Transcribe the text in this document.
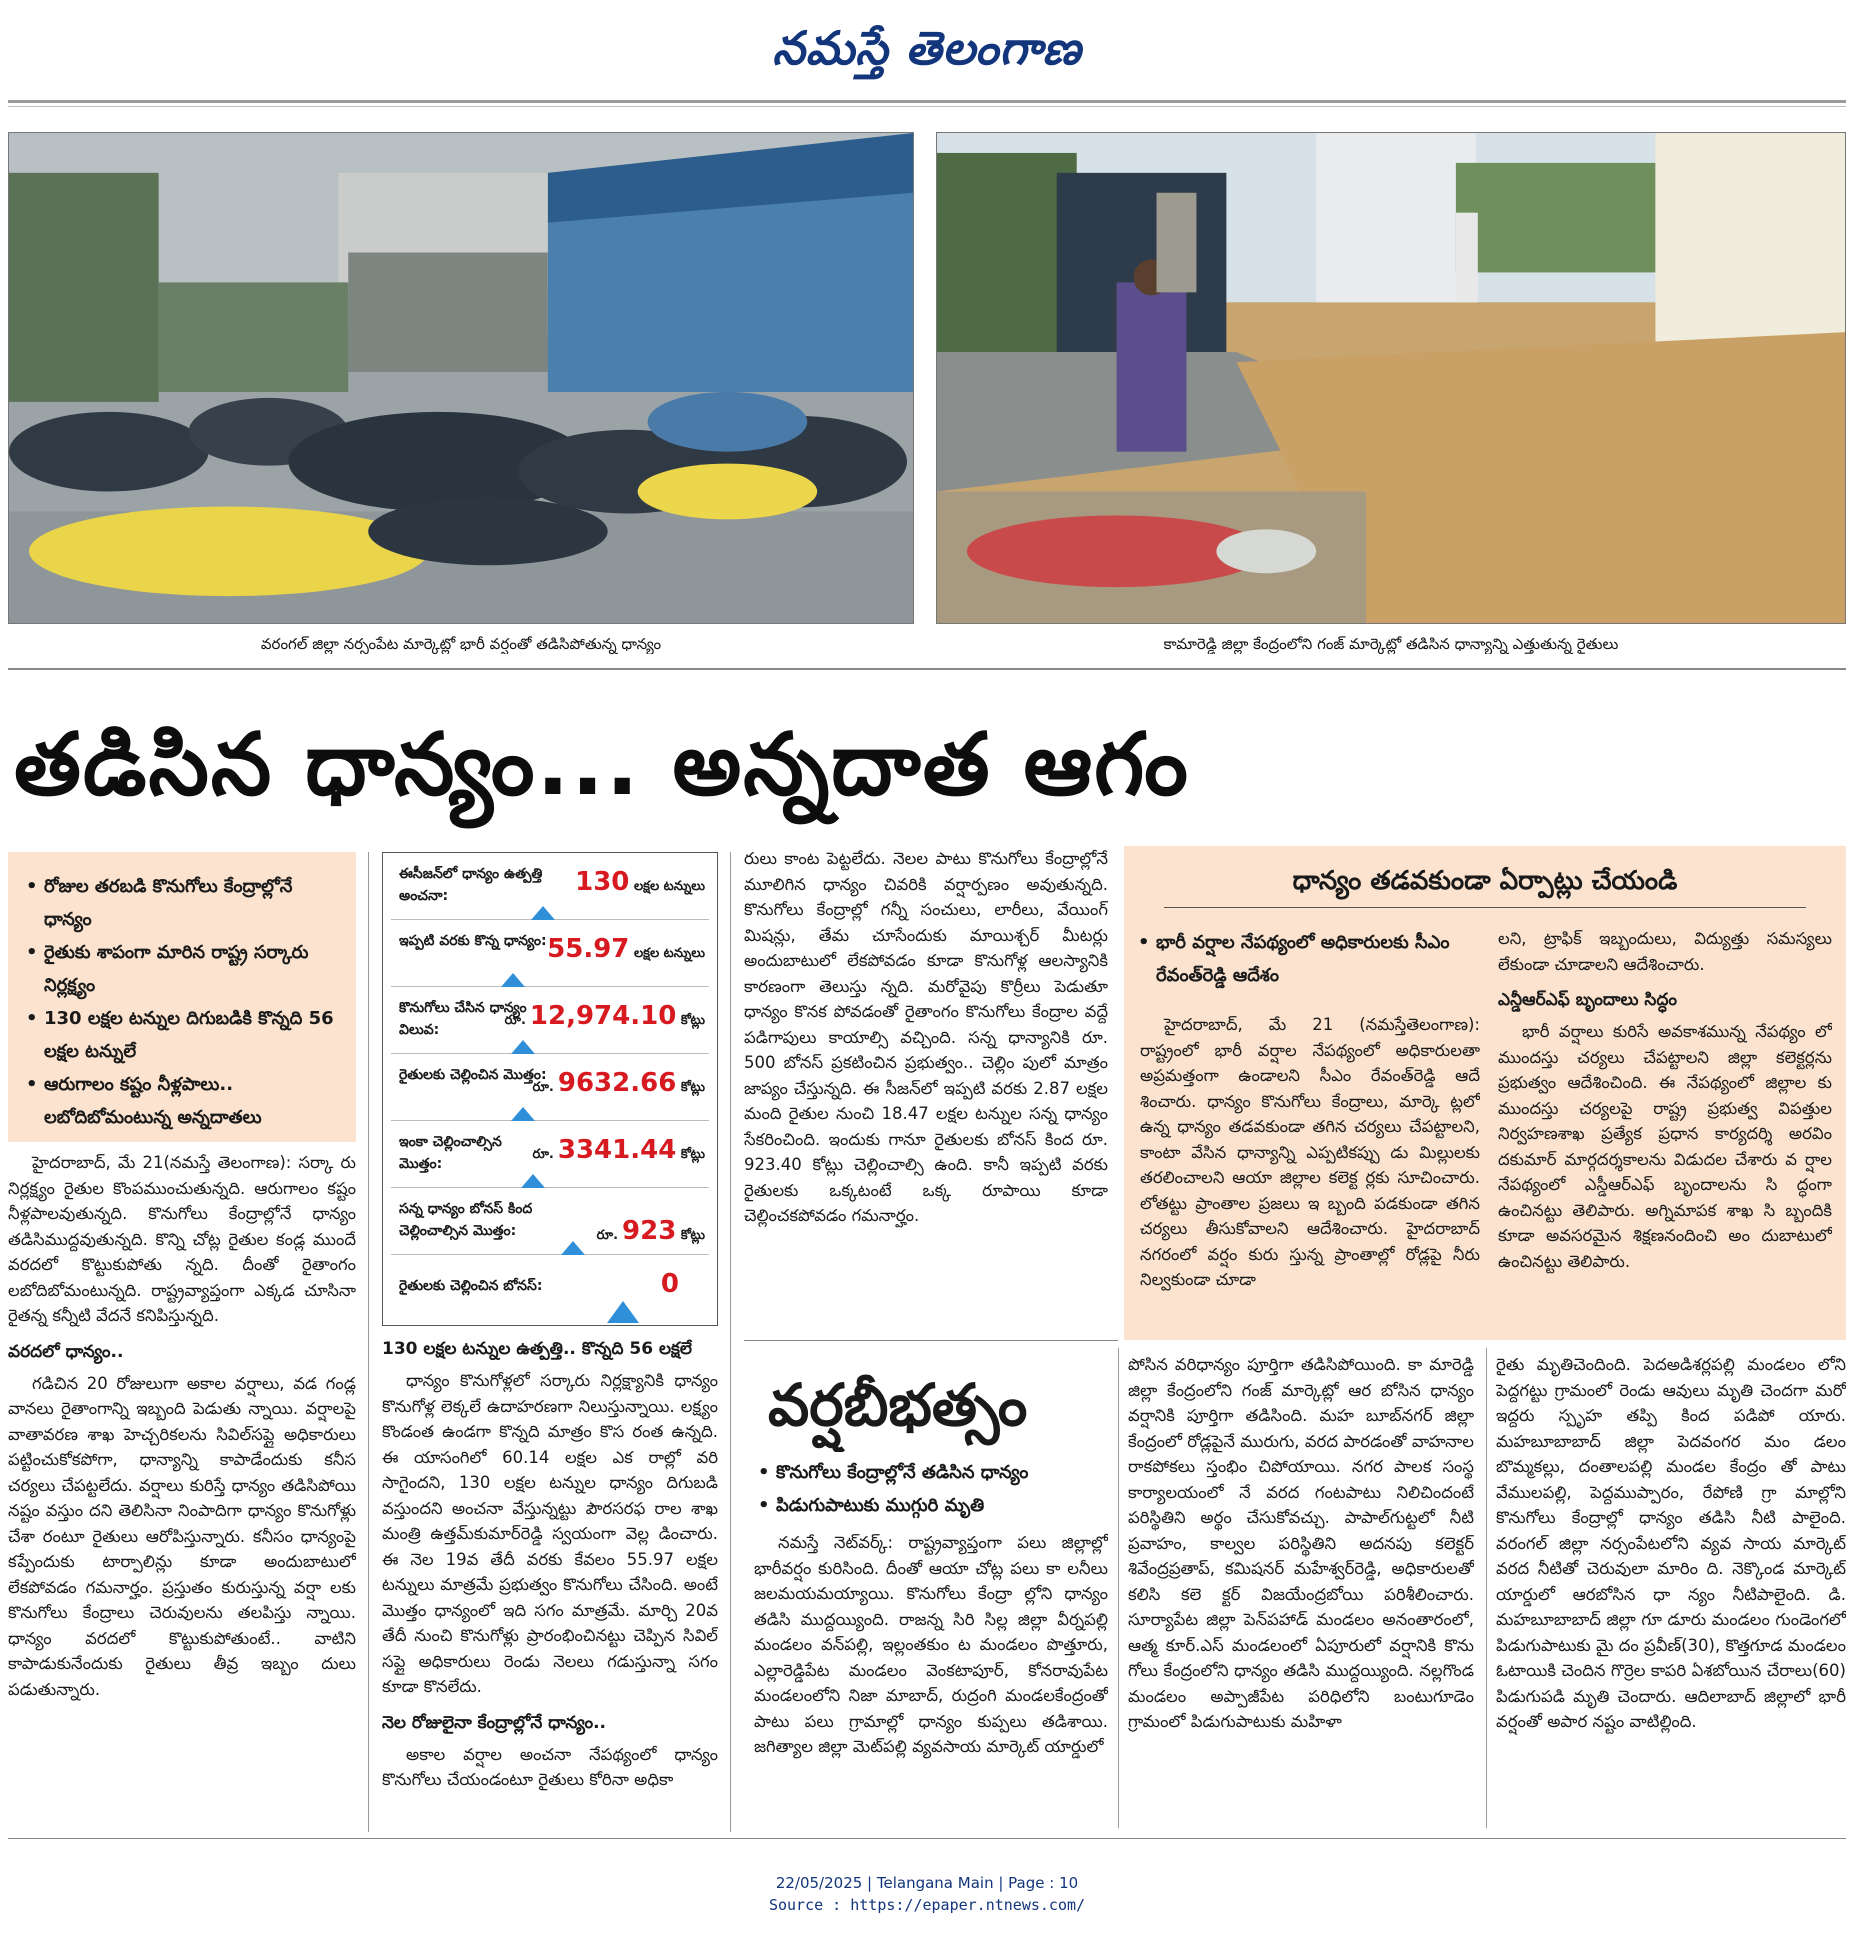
నమస్తే తెలంగాణ
వరంగల్ జిల్లా నర్సంపేట మార్కెట్లో భారీ వర్షంతో తడిసిపోతున్న ధాన్యం	కామారెడ్డి జిల్లా కేంద్రంలోని గంజ్ మార్కెట్లో తడిసిన ధాన్యాన్ని ఎత్తుతున్న రైతులు
తడిసిన ధాన్యం... అన్నదాత ఆగం
• రోజుల తరబడి కొనుగోలు కేంద్రాల్లోనే ధాన్యం
• రైతుకు శాపంగా మారిన రాష్ట్ర సర్కారు నిర్లక్ష్యం
• 130 లక్షల టన్నుల దిగుబడికి కొన్నది 56 లక్షల టన్నులే
• ఆరుగాలం కష్టం నీళ్లపాలు.. లబోదిబోమంటున్న అన్నదాతలు

హైదరాబాద్, మే 21(నమస్తే తెలంగాణ): సర్కా రు నిర్లక్ష్యం రైతుల కొంపముంచుతున్నది. ఆరుగాలం కష్టం నీళ్లపాలవుతున్నది. కొనుగోలు కేంద్రాల్లోనే ధాన్యం తడిసిముద్దవుతున్నది. కొన్ని చోట్ల రైతుల కండ్ల ముందే వరదలో కొట్టుకుపోతు న్నది. దీంతో రైతాంగం లబోదిబోమంటున్నది. రాష్ట్రవ్యాప్తంగా ఎక్కడ చూసినా రైతన్న కన్నీటి వేదనే కనిపిస్తున్నది.

వరదలో ధాన్యం..

గడిచిన 20 రోజులుగా అకాల వర్షాలు, వడ గండ్ల వానలు రైతాంగాన్ని ఇబ్బంది పెడుతు న్నాయి. వర్షాలపై వాతావరణ శాఖ హెచ్చరికలను సివిల్‌సప్లై అధికారులు పట్టించుకోకపోగా, ధాన్యాన్ని కాపాడేందుకు కనీస చర్యలు చేపట్టలేదు. వర్షాలు కురిస్తే ధాన్యం తడిసిపోయి నష్టం వస్తుం దని తెలిసినా నింపాదిగా ధాన్యం కొనుగోళ్లు చేశా రంటూ రైతులు ఆరోపిస్తున్నారు. కనీసం ధాన్యంపై కప్పేందుకు టార్పాలిన్లు కూడా అందుబాటులో లేకపోవడం గమనార్హం. ప్రస్తుతం కురుస్తున్న వర్షా లకు కొనుగోలు కేంద్రాలు చెరువులను తలపిస్తు న్నాయి. ధాన్యం వరదలో కొట్టుకుపోతుంటే.. వాటిని కాపాడుకునేందుకు రైతులు తీవ్ర ఇబ్బం దులు పడుతున్నారు.

ఈసీజన్‌లో ధాన్యం ఉత్పత్తి అంచనా:	130 లక్షల టన్నులు
ఇప్పటి వరకు కొన్న ధాన్యం: 55.97 లక్షల టన్నులు
కొనుగోలు చేసిన ధాన్యం విలువ:
రూ. 12,974.10 కోట్లు
రైతులకు చెల్లించిన మొత్తం:
రూ. 9632.66 కోట్లు
ఇంకా చెల్లించాల్సిన మొత్తం:
రూ. 3341.44 కోట్లు
సన్న ధాన్యం బోనస్ కింద చెల్లించాల్సిన మొత్తం:	రూ. 923 కోట్లు
రైతులకు చెల్లించిన బోనస్:	0
130 లక్షల టన్నుల ఉత్పత్తి.. కొన్నది 56 లక్షలే

ధాన్యం కొనుగోళ్లలో సర్కారు నిర్లక్ష్యానికి ధాన్యం కొనుగోళ్ల లెక్కలే ఉదాహరణగా నిలుస్తున్నాయి. లక్ష్యం కొండంత ఉండగా కొన్నది మాత్రం కొస రంత ఉన్నది. ఈ యాసంగిలో 60.14 లక్షల ఎక రాల్లో వరి సాగైందని, 130 లక్షల టన్నుల ధాన్యం దిగుబడి వస్తుందని అంచనా వేస్తున్నట్టు పౌరసరఫ రాల శాఖ మంత్రి ఉత్తమ్‌కుమార్‌రెడ్డి స్వయంగా వెల్ల డించారు. ఈ నెల 19వ తేదీ వరకు కేవలం 55.97 లక్షల టన్నులు మాత్రమే ప్రభుత్వం కొనుగోలు చేసింది. అంటే మొత్తం ధాన్యంలో ఇది సగం మాత్రమే. మార్చి 20వ తేదీ నుంచి కొనుగోళ్లు ప్రారంభించినట్టు చెప్పిన సివిల్ సప్లై అధికారులు రెండు నెలలు గడుస్తున్నా సగం కూడా కొనలేదు.

నెల రోజులైనా కేంద్రాల్లోనే ధాన్యం..

అకాల వర్షాల అంచనా నేపథ్యంలో ధాన్యం కొనుగోలు చేయండంటూ రైతులు కోరినా అధికా

రులు కాంట పెట్టలేదు. నెలల పాటు కొనుగోలు కేంద్రాల్లోనే మూలిగిన ధాన్యం చివరికి వర్షార్పణం అవుతున్నది. కొనుగోలు కేంద్రాల్లో గన్నీ సంచులు, లారీలు, వేయింగ్ మిషన్లు, తేమ చూసేందుకు మాయిశ్చర్ మీటర్లు అందుబాటులో లేకపోవడం కూడా కొనుగోళ్ల ఆలస్యానికి కారణంగా తెలుస్తు న్నది. మరోవైపు కొర్రీలు పెడుతూ ధాన్యం కొనక పోవడంతో రైతాంగం కొనుగోలు కేంద్రాల వద్దే పడిగాపులు కాయాల్సి వచ్చింది. సన్న ధాన్యానికి రూ. 500 బోనస్ ప్రకటించిన ప్రభుత్వం.. చెల్లిం పులో మాత్రం జాప్యం చేస్తున్నది. ఈ సీజన్‌లో ఇప్పటి వరకు 2.87 లక్షల మంది రైతుల నుంచి 18.47 లక్షల టన్నుల సన్న ధాన్యం సేకరించింది. ఇందుకు గానూ రైతులకు బోనస్ కింద రూ. 923.40 కోట్లు చెల్లించాల్సి ఉంది. కానీ ఇప్పటి వరకు రైతులకు ఒక్కటంటే ఒక్క రూపాయి కూడా చెల్లించకపోవడం గమనార్హం.

ధాన్యం తడవకుండా ఏర్పాట్లు చేయండి
• భారీ వర్షాల నేపథ్యంలో అధికారులకు సీఎం రేవంత్‌రెడ్డి ఆదేశం

హైదరాబాద్, మే 21 (నమస్తేతెలంగాణ): రాష్ట్రంలో భారీ వర్షాల నేపథ్యంలో అధికారులతా అప్రమత్తంగా ఉండాలని సీఎం రేవంత్‌రెడ్డి ఆదే శించారు. ధాన్యం కొనుగోలు కేంద్రాలు, మార్కె ట్లలో ఉన్న ధాన్యం తడవకుండా తగిన చర్యలు చేపట్టాలని, కాంటా వేసిన ధాన్యాన్ని ఎప్పటికప్పు డు మిల్లులకు తరలించాలని ఆయా జిల్లాల కలెక్ట ర్లకు సూచించారు. లోతట్టు ప్రాంతాల ప్రజలు ఇ బ్బంది పడకుండా తగిన చర్యలు తీసుకోవాలని ఆదేశించారు. హైదరాబాద్ నగరంలో వర్షం కురు స్తున్న ప్రాంతాల్లో రోడ్లపై నీరు నిల్వకుండా చూడా

లని, ట్రాఫిక్ ఇబ్బందులు, విద్యుత్తు సమస్యలు లేకుండా చూడాలని ఆదేశించారు.

ఎన్డీఆర్‌ఎఫ్ బృందాలు సిద్ధం

భారీ వర్షాలు కురిసే అవకాశమున్న నేపథ్యం లో ముందస్తు చర్యలు చేపట్టాలని జిల్లా కలెక్టర్లను ప్రభుత్వం ఆదేశించింది. ఈ నేపథ్యంలో జిల్లాల కు ముందస్తు చర్యలపై రాష్ట్ర ప్రభుత్వ విపత్తుల నిర్వహణశాఖ ప్రత్యేక ప్రధాన కార్యదర్శి అరవిం దకుమార్ మార్గదర్శకాలను విడుదల చేశారు వ ర్షాల నేపథ్యంలో ఎస్డీఆర్‌ఎఫ్ బృందాలను సి ద్ధంగా ఉంచినట్టు తెలిపారు. అగ్నిమాపక శాఖ సి బ్బందికి కూడా అవసరమైన శిక్షణనందించి అం దుబాటులో ఉంచినట్టు తెలిపారు.

వర్షబీభత్సం
• కొనుగోలు కేంద్రాల్లోనే తడిసిన ధాన్యం
• పిడుగుపాటుకు ముగ్గురి మృతి

నమస్తే నెట్‌వర్క్: రాష్ట్రవ్యాప్తంగా పలు జిల్లాల్లో భారీవర్షం కురిసింది. దీంతో ఆయా చోట్ల పలు కా లనీలు జలమయమయ్యాయి. కొనుగోలు కేంద్రా ల్లోని ధాన్యం తడిసి ముద్దయ్యింది. రాజన్న సిరి సిల్ల జిల్లా వీర్నపల్లి మండలం వన్‌పల్లి, ఇల్లంతకుం ట మండలం పొత్తూరు, ఎల్లారెడ్డిపేట మండలం వెంకటాపూర్, కోనరావుపేట మండలంలోని నిజా మాబాద్, రుద్రంగి మండలకేంద్రంతో పాటు పలు గ్రామాల్లో ధాన్యం కుప్పలు తడిశాయి. జగిత్యాల జిల్లా మెట్‌పల్లి వ్యవసాయ మార్కెట్ యార్డులో

పోసిన వరిధాన్యం పూర్తిగా తడిసిపోయింది. కా మారెడ్డి జిల్లా కేంద్రంలోని గంజ్ మార్కెట్లో ఆర బోసిన ధాన్యం వర్షానికి పూర్తిగా తడిసింది. మహ బూబ్‌నగర్ జిల్లా కేంద్రంలో రోడ్లపైనే మురుగు, వరద పారడంతో వాహనాల రాకపోకలు స్తంభిం చిపోయాయి. నగర పాలక సంస్థ కార్యాలయంలో నే వరద గంటపాటు నిలిచిందంటే పరిస్థితిని అర్థం చేసుకోవచ్చు. పాపాల్‌గుట్టలో నీటి ప్రవాహం, కాల్వల పరిస్థితిని అదనపు కలెక్టర్ శివేంద్రప్రతాప్, కమిషనర్ మహేశ్వర్‌రెడ్డి, అధికారులతో కలిసి కలె క్టర్ విజయేంద్రబోయి పరిశీలించారు. సూర్యాపేట జిల్లా పెన్‌పహాడ్ మండలం అనంతారంలో, ఆత్మ కూర్.ఎస్ మండలంలో ఏపూరులో వర్షానికి కొను గోలు కేంద్రంలోని ధాన్యం తడిసి ముద్దయ్యింది. నల్లగొండ మండలం అప్పాజీపేట పరిధిలోని బంటుగూడెం గ్రామంలో పిడుగుపాటుకు మహిళా

రైతు మృతిచెందింది. పెదఅడిశర్లపల్లి మండలం లోని పెద్దగట్టు గ్రామంలో రెండు ఆవులు మృతి చెందగా మరో ఇద్దరు స్పృహ తప్పి కింద పడిపో యారు. మహబూబాబాద్ జిల్లా పెదవంగర మం డలం బొమ్మకల్లు, దంతాలపల్లి మండల కేంద్రం తో పాటు వేములపల్లి, పెద్దముప్పారం, రేపోణి గ్రా మాల్లోని కొనుగోలు కేంద్రాల్లో ధాన్యం తడిసి నీటి పాలైంది. వరంగల్ జిల్లా నర్సంపేటలోని వ్యవ సాయ మార్కెట్ వరద నీటితో చెరువులా మారిం ది. నెక్కొండ మార్కెట్ యార్డులో ఆరబోసిన ధా న్యం నీటిపాలైంది. డి. మహబూబాబాద్ జిల్లా గూ డూరు మండలం గుండెంగలో పిడుగుపాటుకు మై దం ప్రవీణ్(30), కొత్తగూడ మండలం ఓటాయికి చెందిన గొర్రెల కాపరి ఏశబోయిన చేరాలు(60) పిడుగుపడి మృతి చెందారు. ఆదిలాబాద్ జిల్లాలో భారీ వర్షంతో అపార నష్టం వాటిల్లింది.

22/05/2025 | Telangana Main | Page : 10
Source : https://epaper.ntnews.com/
